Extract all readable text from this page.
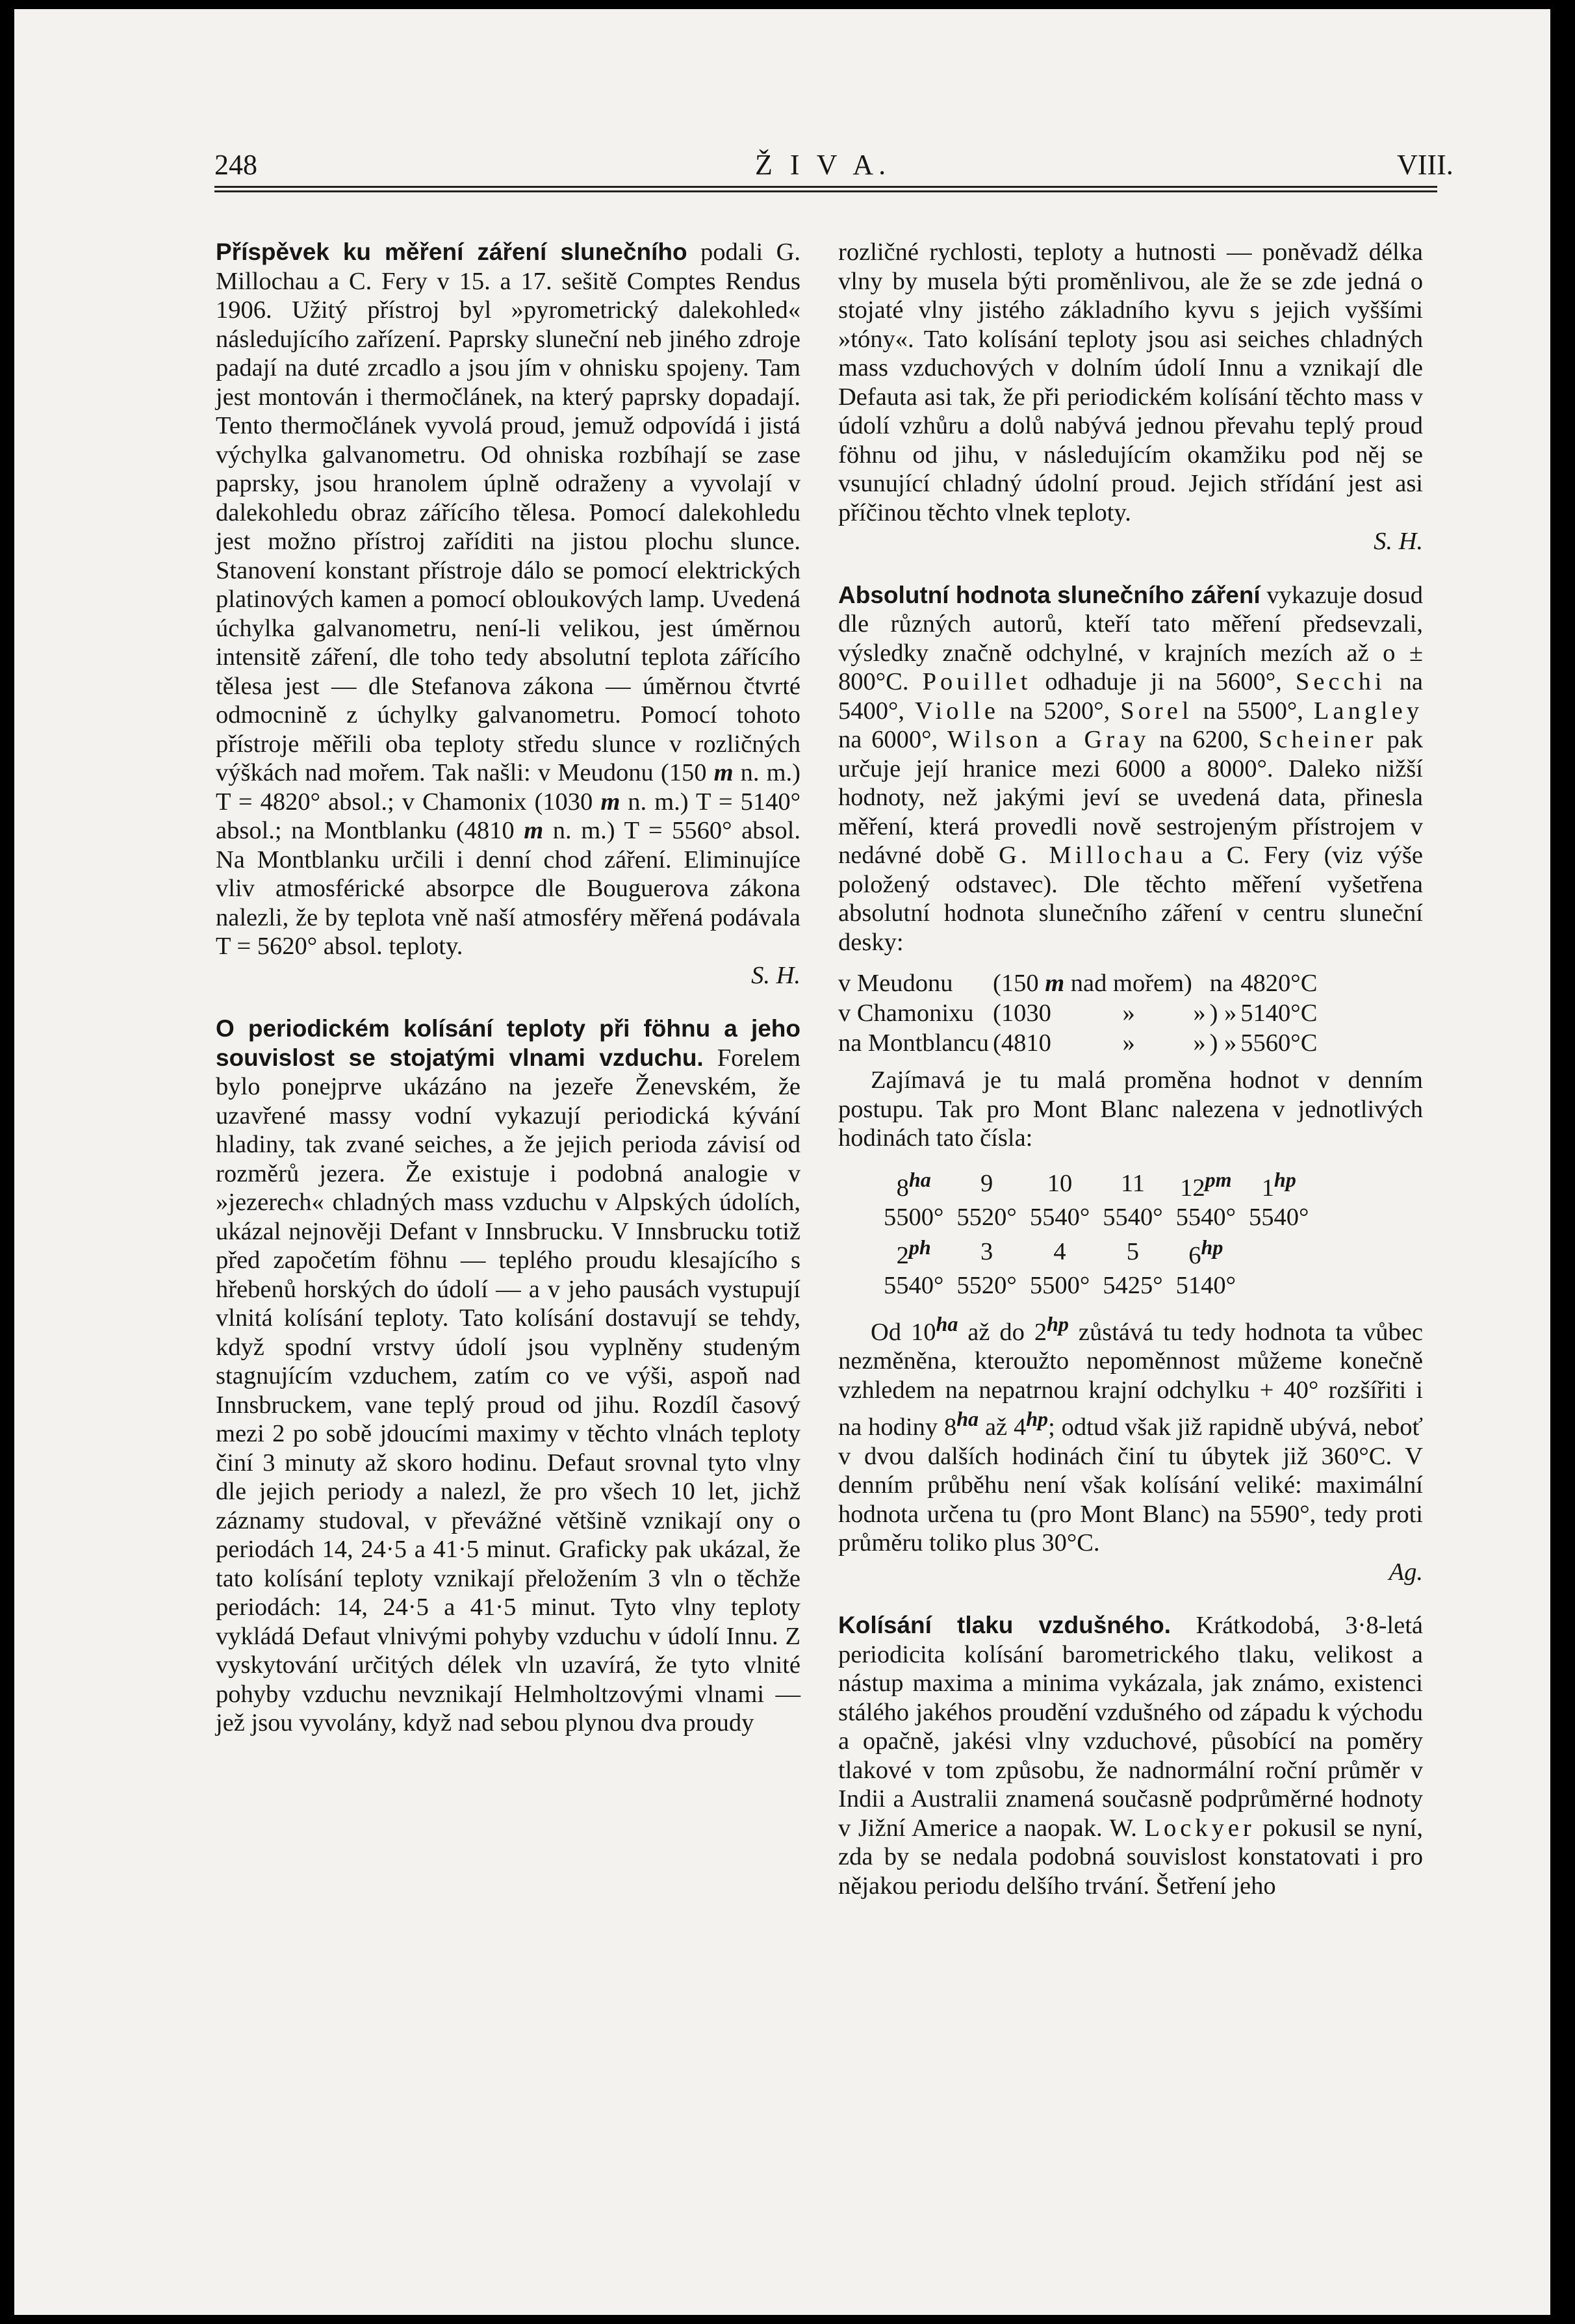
248	Ž I V A.	VIII.

Příspěvek ku měření záření slunečního podali G. Millochau a C. Fery v 15. a 17. sešitě Comptes Rendus 1906. Užitý přístroj byl »pyrometrický dalekohled« následujícího zařízení. Paprsky sluneční neb jiného zdroje padají na duté zrcadlo a jsou jím v ohnisku spojeny. Tam jest montován i thermočlánek, na který paprsky dopadají. Tento thermočlánek vyvolá proud, jemuž odpovídá i jistá výchylka galvanometru. Od ohniska rozbíhají se zase paprsky, jsou hranolem úplně odraženy a vyvolají v dalekohledu obraz zářícího tělesa. Pomocí dalekohledu jest možno přístroj zaříditi na jistou plochu slunce. Stanovení konstant přístroje dálo se pomocí elektrických platinových kamen a pomocí obloukových lamp. Uvedená úchylka galvanometru, není-li velikou, jest úměrnou intensitě záření, dle toho tedy absolutní teplota zářícího tělesa jest — dle Stefanova zákona — úměrnou čtvrté odmocnině z úchylky galvanometru. Pomocí tohoto přístroje měřili oba teploty středu slunce v rozličných výškách nad mořem. Tak našli: v Meudonu (150 m n. m.) T = 4820° absol.; v Chamonix (1030 m n. m.) T = 5140° absol.; na Montblanku (4810 m n. m.) T = 5560° absol. Na Montblanku určili i denní chod záření. Eliminujíce vliv atmosférické absorpce dle Bouguerova zákona nalezli, že by teplota vně naší atmosféry měřená podávala T = 5620° absol. teploty.
S. H.

O periodickém kolísání teploty při föhnu a jeho souvislost se stojatými vlnami vzduchu. Forelem bylo ponejprve ukázáno na jezeře Ženevském, že uzavřené massy vodní vykazují periodická kývání hladiny, tak zvané seiches, a že jejich perioda závisí od rozměrů jezera. Že existuje i podobná analogie v »jezerech« chladných mass vzduchu v Alpských údolích, ukázal nejnověji Defant v Innsbrucku. V Innsbrucku totiž před započetím föhnu — teplého proudu klesajícího s hřebenů horských do údolí — a v jeho pausách vystupují vlnitá kolísání teploty. Tato kolísání dostavují se tehdy, když spodní vrstvy údolí jsou vyplněny studeným stagnujícím vzduchem, zatím co ve výši, aspoň nad Innsbruckem, vane teplý proud od jihu. Rozdíl časový mezi 2 po sobě jdoucími maximy v těchto vlnách teploty činí 3 minuty až skoro hodinu. Defaut srovnal tyto vlny dle jejich periody a nalezl, že pro všech 10 let, jichž záznamy studoval, v převážné většině vznikají ony o periodách 14, 24·5 a 41·5 minut. Graficky pak ukázal, že tato kolísání teploty vznikají přeložením 3 vln o těchže periodách: 14, 24·5 a 41·5 minut. Tyto vlny teploty vykládá Defaut vlnivými pohyby vzduchu v údolí Innu. Z vyskytování určitých délek vln uzavírá, že tyto vlnité pohyby vzduchu nevznikají Helmholtzovými vlnami — jež jsou vyvolány, když nad sebou plynou dva proudy

rozličné rychlosti, teploty a hutnosti — poněvadž délka vlny by musela býti proměnlivou, ale že se zde jedná o stojaté vlny jistého základního kyvu s jejich vyššími »tóny«. Tato kolísání teploty jsou asi seiches chladných mass vzduchových v dolním údolí Innu a vznikají dle Defauta asi tak, že při periodickém kolísání těchto mass v údolí vzhůru a dolů nabývá jednou převahu teplý proud föhnu od jihu, v následujícím okamžiku pod něj se vsunující chladný údolní proud. Jejich střídání jest asi příčinou těchto vlnek teploty.
S. H.

Absolutní hodnota slunečního záření vykazuje dosud dle různých autorů, kteří tato měření předsevzali, výsledky značně odchylné, v krajních mezích až o ± 800°C. Pouillet odhaduje ji na 5600°, Secchi na 5400°, Violle na 5200°, Sorel na 5500°, Langley na 6000°, Wilson a Gray na 6200, Scheiner pak určuje její hranice mezi 6000 a 8000°. Daleko nižší hodnoty, než jakými jeví se uvedená data, přinesla měření, která provedli nově sestrojeným přístrojem v nedávné době G. Millochau a C. Fery (viz výše položený odstavec). Dle těchto měření vyšetřena absolutní hodnota slunečního záření v centru sluneční desky:

v Meudonu	(150 m nad mořem)	na	4820°C
v Chamonixu	(1030 » »	) »	5140°C
na Montblancu	(4810 » »	) »	5560°C

Zajímavá je tu malá proměna hodnot v denním postupu. Tak pro Mont Blanc nalezena v jednotlivých hodinách tato čísla:

$8^{ha}$	9	10	11	$12^{pm}$	$1^{hp}$
5500°	5520°	5540°	5540°	5540°	5540°
$2^{ph}$	3	4	5	$6^{hp}$	
5540°	5520°	5500°	5425°	5140°	

Od $10^{ha}$ až do $2^{hp}$ zůstává tu tedy hodnota ta vůbec nezměněna, kteroužto nepoměnnost můžeme konečně vzhledem na nepatrnou krajní odchylku + 40° rozšířiti i na hodiny $8^{ha}$ až $4^{hp}$; odtud však již rapidně ubývá, neboť v dvou dalších hodinách činí tu úbytek již 360°C. V denním průběhu není však kolísání veliké: maximální hodnota určena tu (pro Mont Blanc) na 5590°, tedy proti průměru toliko plus 30°C.
Ag.

Kolísání tlaku vzdušného. Krátkodobá, 3·8-letá periodicita kolísání barometrického tlaku, velikost a nástup maxima a minima vykázala, jak známo, existenci stálého jakéhos proudění vzdušného od západu k východu a opačně, jakési vlny vzduchové, působící na poměry tlakové v tom způsobu, že nadnormální roční průměr v Indii a Australii znamená současně podprůměrné hodnoty v Jižní Americe a naopak. W. Lockyer pokusil se nyní, zda by se nedala podobná souvislost konstatovati i pro nějakou periodu delšího trvání. Šetření jeho
